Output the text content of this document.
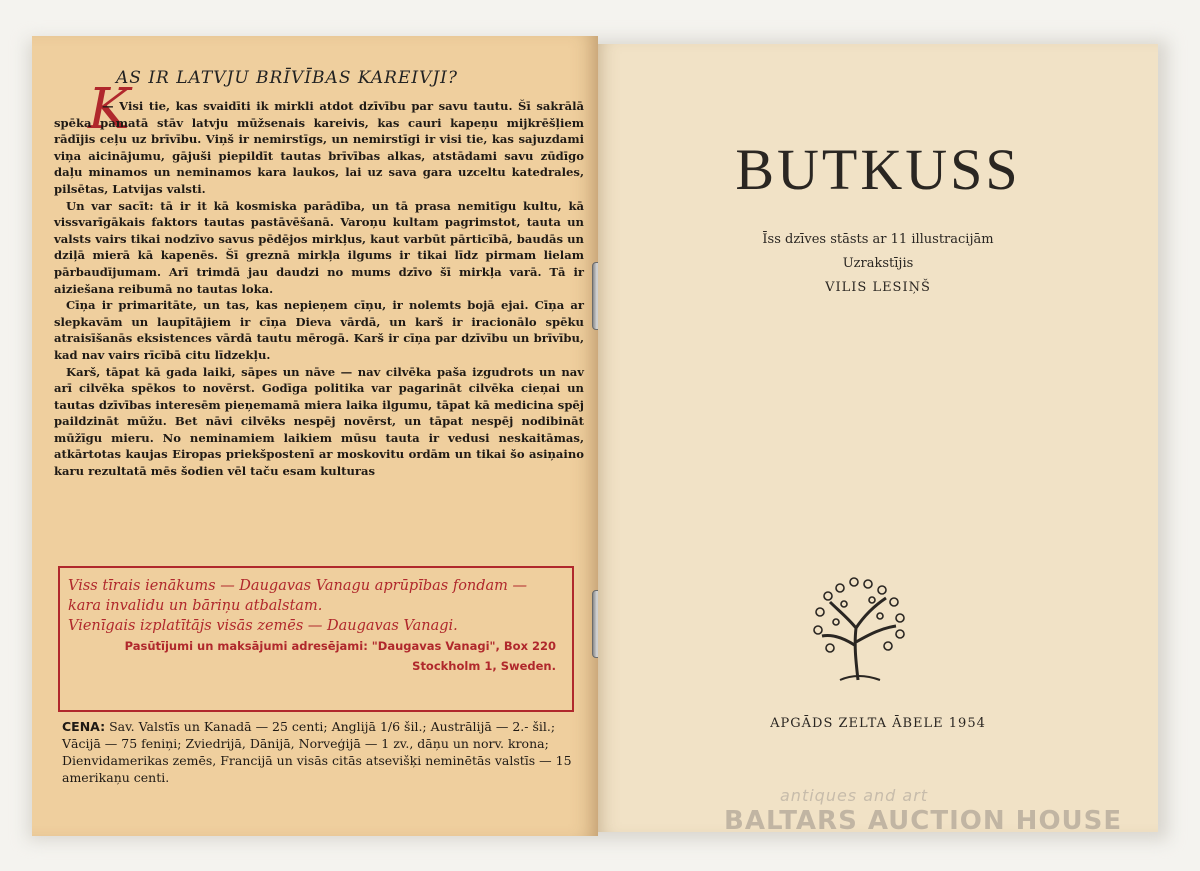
K
AS IR LATVJU BRĪVĪBAS KAREIVJI?

— Visi tie, kas svaidīti ik mirkli atdot dzīvību par savu tautu. Šī sakrālā spēka pamatā stāv latvju mūžsenais kareivis, kas cauri kapeņu mijkrēšļiem rādījis ceļu uz brīvību. Viņš ir nemirstīgs, un nemirstīgi ir visi tie, kas sajuzdami viņa aicinājumu, gājuši piepildīt tautas brīvības alkas, atstādami savu zūdīgo daļu minamos un neminamos kara laukos, lai uz sava gara uzceltu katedrales, pilsētas, Latvijas valsti.

Un var sacīt: tā ir it kā kosmiska parādība, un tā prasa nemitīgu kultu, kā vissvarīgākais faktors tautas pastāvēšanā. Varoņu kultam pagrimstot, tauta un valsts vairs tikai nodzīvo savus pēdējos mirkļus, kaut varbūt pārticībā, baudās un dziļā mierā kā kapenēs. Šī greznā mirkļa ilgums ir tikai līdz pirmam lielam pārbaudījumam. Arī trimdā jau daudzi no mums dzīvo šī mirkļa varā. Tā ir aiziešana reibumā no tautas loka.

Cīņa ir primaritāte, un tas, kas nepieņem cīņu, ir nolemts bojā ejai. Cīņa ar slepkavām un laupītājiem ir cīņa Dieva vārdā, un karš ir iracionālo spēku atraisīšanās eksistences vārdā tautu mērogā. Karš ir cīņa par dzīvību un brīvību, kad nav vairs rīcībā citu līdzekļu.

Karš, tāpat kā gada laiki, sāpes un nāve — nav cilvēka paša izgudrots un nav arī cilvēka spēkos to novērst. Godīga politika var pagarināt cilvēka cieņai un tautas dzīvības interesēm pieņemamā miera laika ilgumu, tāpat kā medicina spēj paildzināt mūžu. Bet nāvi cilvēks nespēj novērst, un tāpat nespēj nodibināt mūžīgu mieru. No neminamiem laikiem mūsu tauta ir vedusi neskaitāmas, atkārtotas kaujas Eiropas priekšpostenī ar moskovitu ordām un tikai šo asiņaino karu rezultatā mēs šodien vēl taču esam kulturas

Viss tīrais ienākums — Daugavas Vanagu aprūpības fondam — kara invalidu un bāriņu atbalstam.
Vienīgais izplatītājs visās zemēs — Daugavas Vanagi.
Pasūtījumi un maksājumi adresējami: "Daugavas Vanagi", Box 220
Stockholm 1, Sweden.
CENA: Sav. Valstīs un Kanadā — 25 centi; Anglijā 1/6 šil.; Austrālijā — 2.- šil.; Vācijā — 75 feniņi; Zviedrijā, Dānijā, Norveģijā — 1 zv., dāņu un norv. krona; Dienvidamerikas zemēs, Francijā un visās citās atsevišķi neminētās valstīs — 15 amerikaņu centi.
BUTKUSS
Īss dzīves stāsts ar 11 illustracijām
Uzrakstījis
VILIS LESIŅŠ
APGĀDS ZELTA ĀBELE 1954
antiques and art
BALTARS AUCTION HOUSE
